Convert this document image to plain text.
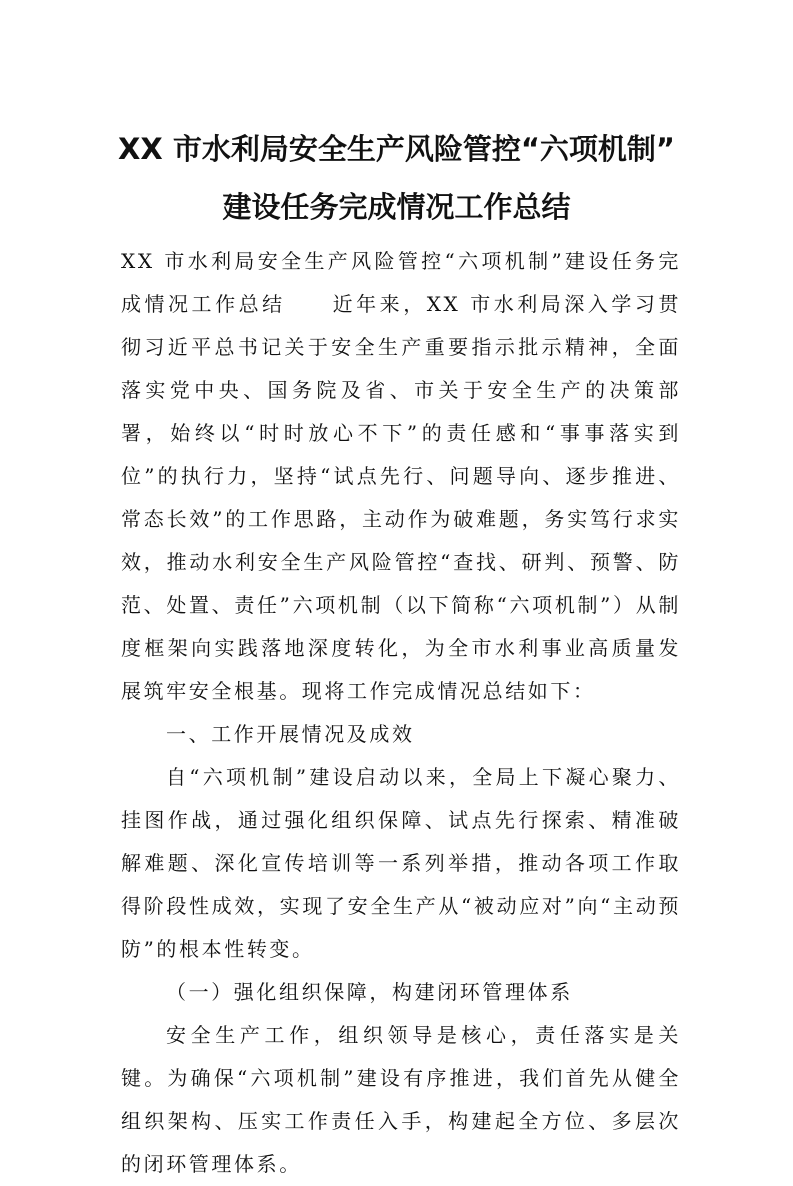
XX 市水利局安全生产风险管控“六项机制”
建设任务完成情况工作总结

XX 市水利局安全生产风险管控“六项机制”建设任务完成情况工作总结　　近年来，XX 市水利局深入学习贯彻习近平总书记关于安全生产重要指示批示精神，全面落实党中央、国务院及省、市关于安全生产的决策部署，始终以“时时放心不下”的责任感和“事事落实到位”的执行力，坚持“试点先行、问题导向、逐步推进、常态长效”的工作思路，主动作为破难题，务实笃行求实效，推动水利安全生产风险管控“查找、研判、预警、防范、处置、责任”六项机制（以下简称“六项机制”）从制度框架向实践落地深度转化，为全市水利事业高质量发展筑牢安全根基。现将工作完成情况总结如下：

一、工作开展情况及成效

自“六项机制”建设启动以来，全局上下凝心聚力、挂图作战，通过强化组织保障、试点先行探索、精准破解难题、深化宣传培训等一系列举措，推动各项工作取得阶段性成效，实现了安全生产从“被动应对”向“主动预防”的根本性转变。

（一）强化组织保障，构建闭环管理体系

安全生产工作，组织领导是核心，责任落实是关键。为确保“六项机制”建设有序推进，我们首先从健全组织架构、压实工作责任入手，构建起全方位、多层次的闭环管理体系。
